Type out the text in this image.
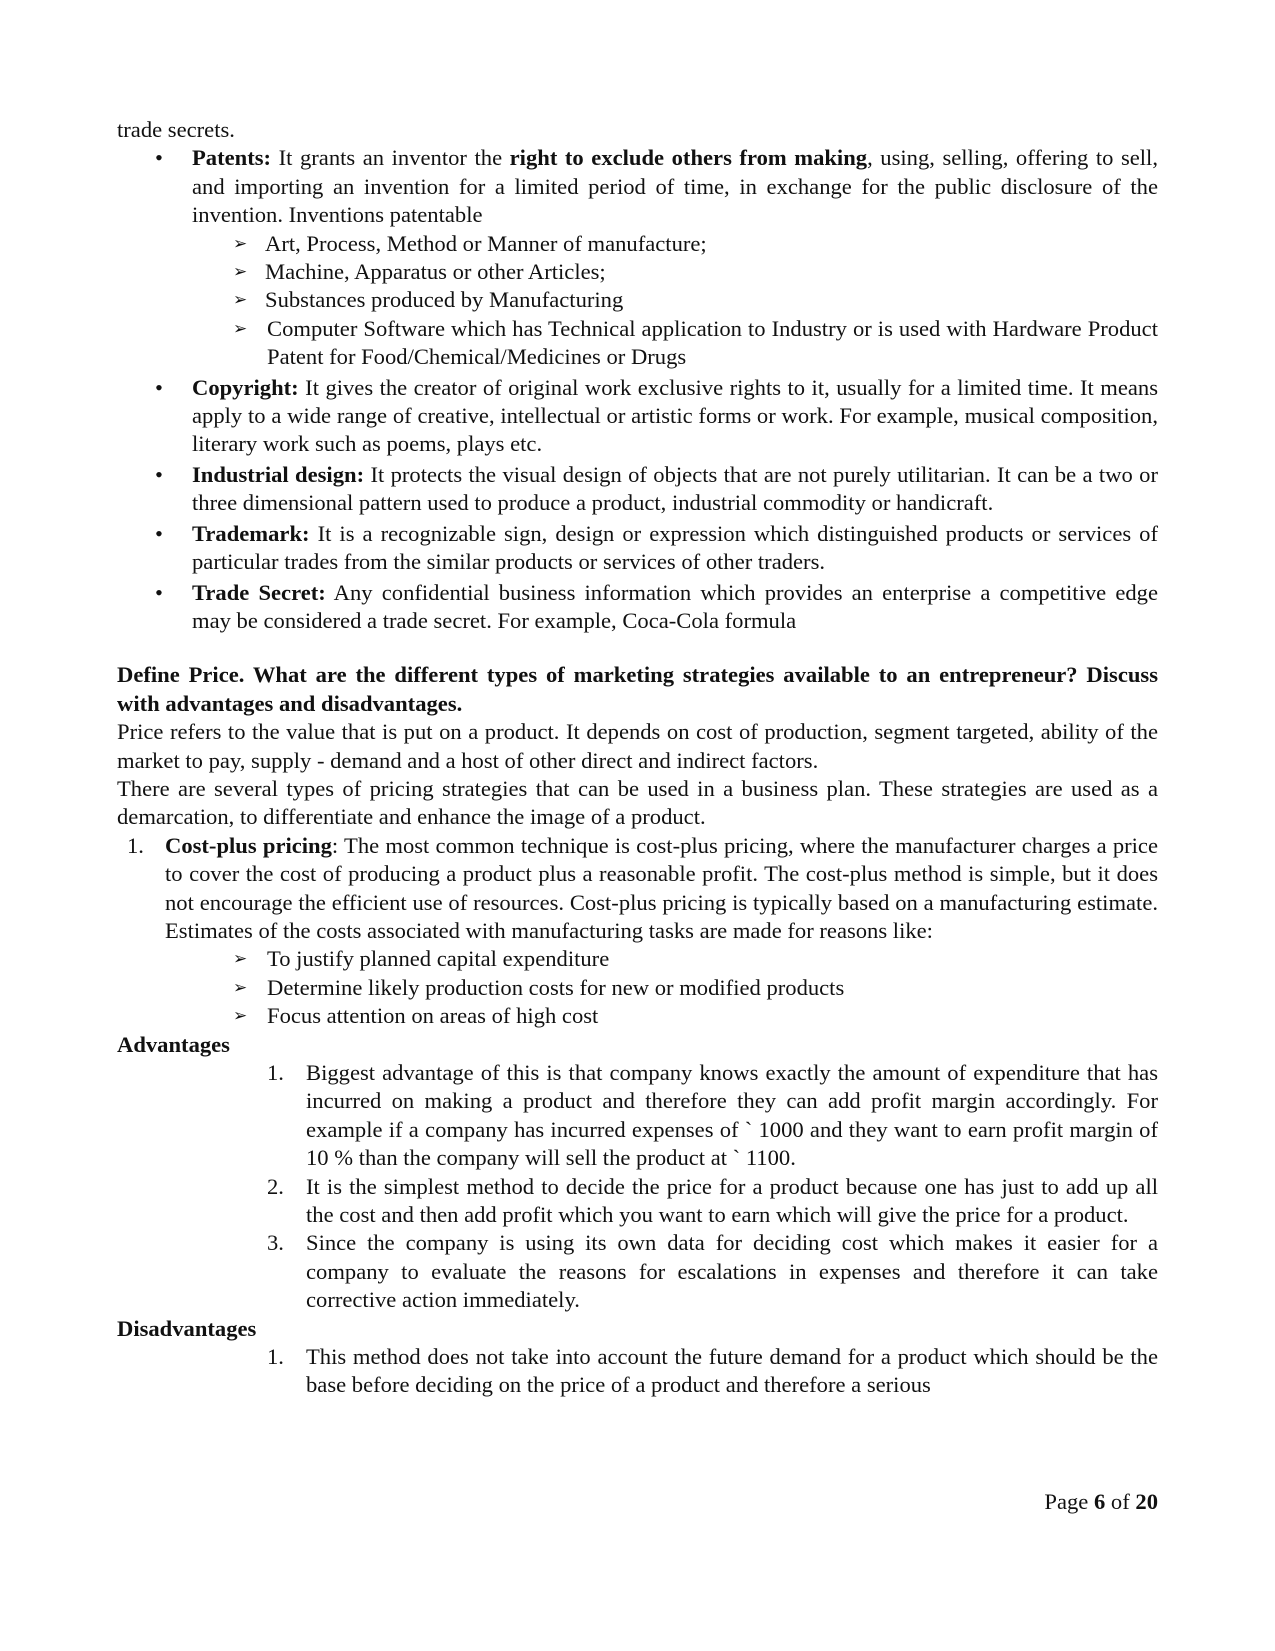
trade secrets.

• Patents: It grants an inventor the right to exclude others from making, using, selling, offering to sell, and importing an invention for a limited period of time, in exchange for the public disclosure of the invention. Inventions patentable
➢ Art, Process, Method or Manner of manufacture;
➢ Machine, Apparatus or other Articles;
➢ Substances produced by Manufacturing
➢ Computer Software which has Technical application to Industry or is used with Hardware Product Patent for Food/Chemical/Medicines or Drugs
• Copyright: It gives the creator of original work exclusive rights to it, usually for a limited time. It means apply to a wide range of creative, intellectual or artistic forms or work. For example, musical composition, literary work such as poems, plays etc.
• Industrial design: It protects the visual design of objects that are not purely utilitarian. It can be a two or three dimensional pattern used to produce a product, industrial commodity or handicraft.
• Trademark: It is a recognizable sign, design or expression which distinguished products or services of particular trades from the similar products or services of other traders.
• Trade Secret: Any confidential business information which provides an enterprise a competitive edge may be considered a trade secret. For example, Coca-Cola formula

Define Price. What are the different types of marketing strategies available to an entrepreneur? Discuss with advantages and disadvantages.

Price refers to the value that is put on a product. It depends on cost of production, segment targeted, ability of the market to pay, supply - demand and a host of other direct and indirect factors.

There are several types of pricing strategies that can be used in a business plan. These strategies are used as a demarcation, to differentiate and enhance the image of a product.

1. Cost-plus pricing: The most common technique is cost-plus pricing, where the manufacturer charges a price to cover the cost of producing a product plus a reasonable profit. The cost-plus method is simple, but it does not encourage the efficient use of resources. Cost-plus pricing is typically based on a manufacturing estimate. Estimates of the costs associated with manufacturing tasks are made for reasons like:
➢ To justify planned capital expenditure
➢ Determine likely production costs for new or modified products
➢ Focus attention on areas of high cost

Advantages

1. Biggest advantage of this is that company knows exactly the amount of expenditure that has incurred on making a product and therefore they can add profit margin accordingly. For example if a company has incurred expenses of ` 1000 and they want to earn profit margin of 10 % than the company will sell the product at ` 1100.
2. It is the simplest method to decide the price for a product because one has just to add up all the cost and then add profit which you want to earn which will give the price for a product.
3. Since the company is using its own data for deciding cost which makes it easier for a company to evaluate the reasons for escalations in expenses and therefore it can take corrective action immediately.

Disadvantages

1. This method does not take into account the future demand for a product which should be the base before deciding on the price of a product and therefore a serious
Page 6 of 20
